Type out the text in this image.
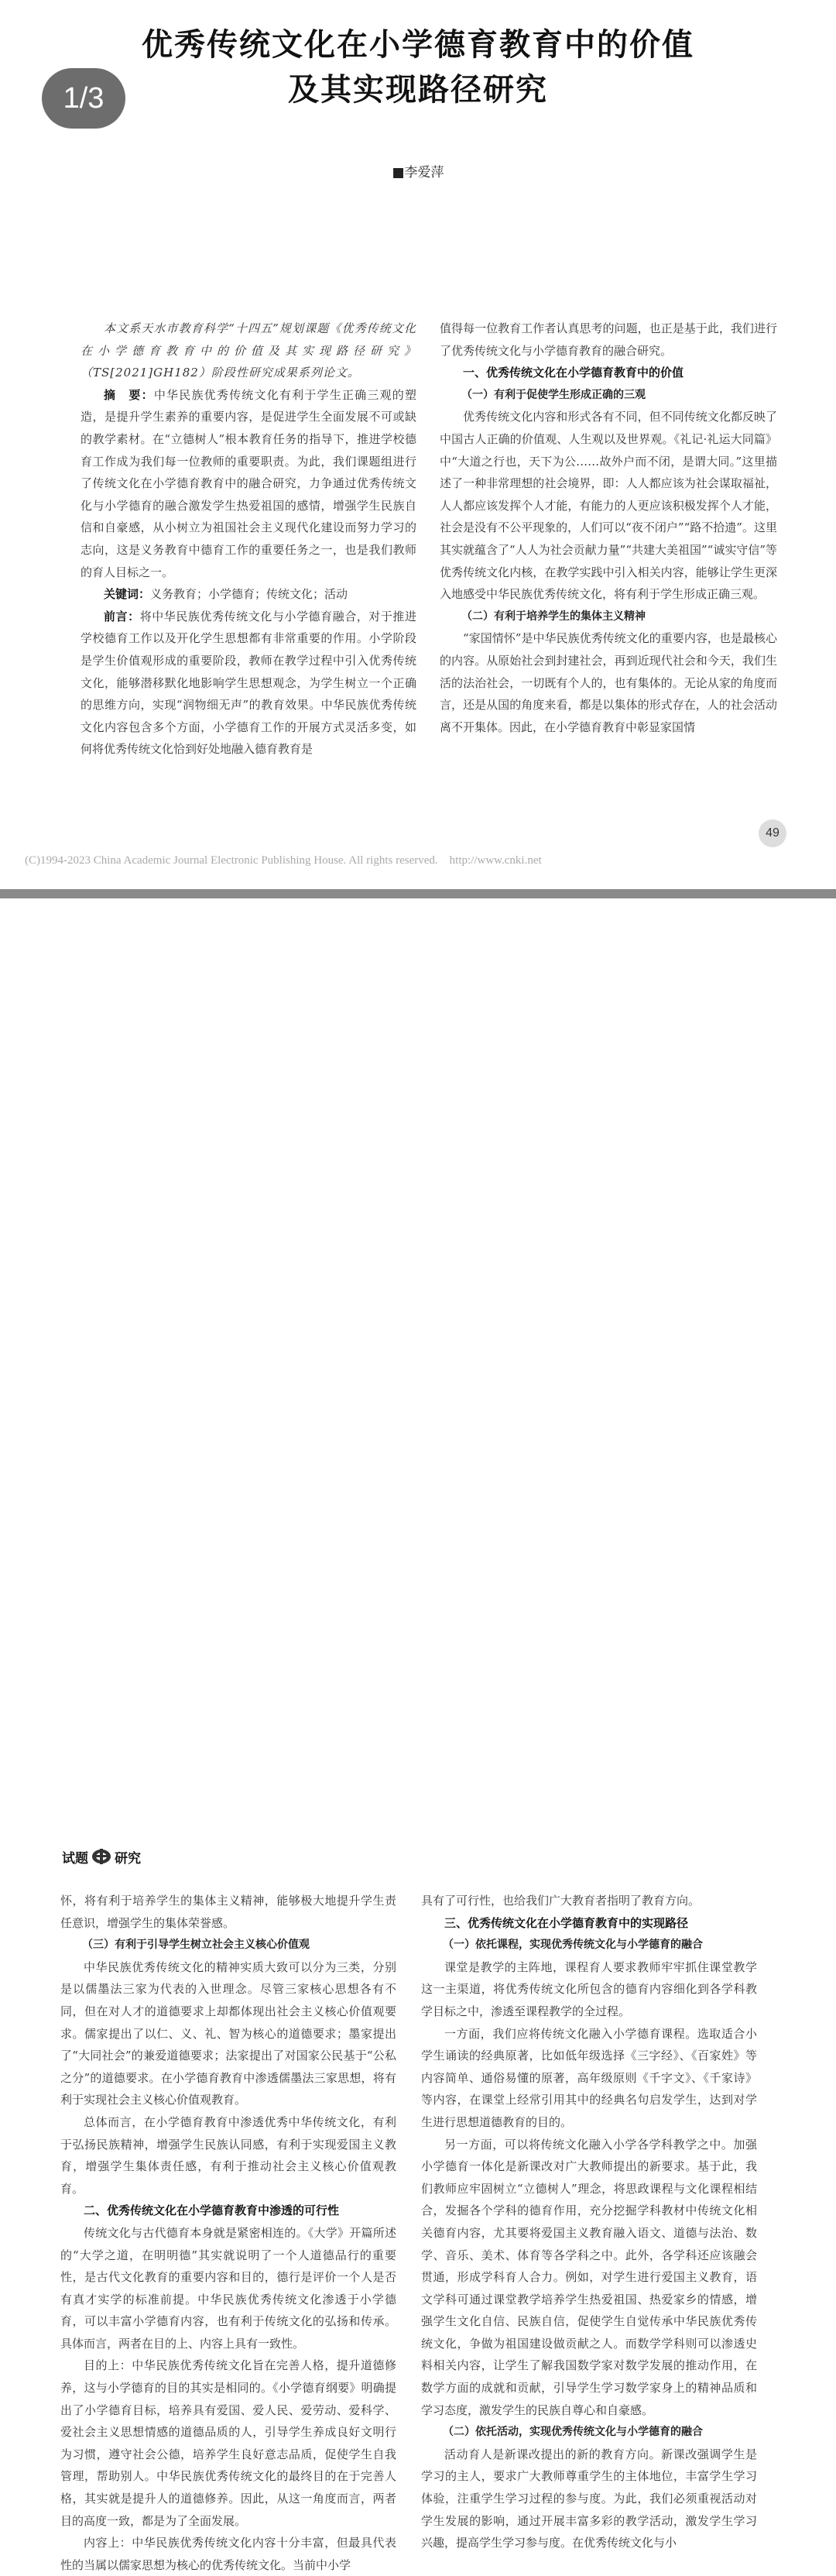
优秀传统文化在小学德育教育中的价值
及其实现路径研究
■李爱萍

本文系天水市教育科学“十四五”规划课题《优秀传统文化在小学德育教育中的价值及其实现路径研究》（TS[2021]GH182）阶段性研究成果系列论文。

摘　要：中华民族优秀传统文化有利于学生正确三观的塑造，是提升学生素养的重要内容，是促进学生全面发展不可或缺的教学素材。在“立德树人”根本教育任务的指导下，推进学校德育工作成为我们每一位教师的重要职责。为此，我们课题组进行了传统文化在小学德育教育中的融合研究，力争通过优秀传统文化与小学德育的融合激发学生热爱祖国的感情，增强学生民族自信和自豪感，从小树立为祖国社会主义现代化建设而努力学习的志向，这是义务教育中德育工作的重要任务之一，也是我们教师的育人目标之一。

关键词：义务教育；小学德育；传统文化；活动

前言：将中华民族优秀传统文化与小学德育融合，对于推进学校德育工作以及开化学生思想都有非常重要的作用。小学阶段是学生价值观形成的重要阶段，教师在教学过程中引入优秀传统文化，能够潜移默化地影响学生思想观念，为学生树立一个正确的思维方向，实现“润物细无声”的教育效果。中华民族优秀传统文化内容包含多个方面，小学德育工作的开展方式灵活多变，如何将优秀传统文化恰到好处地融入德育教育是

值得每一位教育工作者认真思考的问题，也正是基于此，我们进行了优秀传统文化与小学德育教育的融合研究。

一、优秀传统文化在小学德育教育中的价值
（一）有利于促使学生形成正确的三观

优秀传统文化内容和形式各有不同，但不同传统文化都反映了中国古人正确的价值观、人生观以及世界观。《礼记·礼运大同篇》中“大道之行也，天下为公……故外户而不闭，是谓大同。”这里描述了一种非常理想的社会境界，即：人人都应该为社会谋取福祉，人人都应该发挥个人才能，有能力的人更应该积极发挥个人才能，社会是没有不公平现象的，人们可以“夜不闭户”“路不拾遗”。这里其实就蕴含了“人人为社会贡献力量”“共建大美祖国”“诚实守信”等优秀传统文化内核，在教学实践中引入相关内容，能够让学生更深入地感受中华民族优秀传统文化，将有利于学生形成正确三观。

（二）有利于培养学生的集体主义精神

“家国情怀”是中华民族优秀传统文化的重要内容，也是最核心的内容。从原始社会到封建社会，再到近现代社会和今天，我们生活的法治社会，一切既有个人的，也有集体的。无论从家的角度而言，还是从国的角度来看，都是以集体的形式存在，人的社会活动离不开集体。因此，在小学德育教育中彰显家国情

49
(C)1994-2023 China Academic Journal Electronic Publishing House. All rights reserved.　http://www.cnki.net
试题 研究

怀，将有利于培养学生的集体主义精神，能够极大地提升学生责任意识，增强学生的集体荣誉感。

（三）有利于引导学生树立社会主义核心价值观

中华民族优秀传统文化的精神实质大致可以分为三类，分别是以儒墨法三家为代表的入世理念。尽管三家核心思想各有不同，但在对人才的道德要求上却都体现出社会主义核心价值观要求。儒家提出了以仁、义、礼、智为核心的道德要求；墨家提出了“大同社会”的兼爱道德要求；法家提出了对国家公民基于“公私之分”的道德要求。在小学德育教育中渗透儒墨法三家思想，将有利于实现社会主义核心价值观教育。

总体而言，在小学德育教育中渗透优秀中华传统文化，有利于弘扬民族精神，增强学生民族认同感，有利于实现爱国主义教育，增强学生集体责任感，有利于推动社会主义核心价值观教育。

二、优秀传统文化在小学德育教育中渗透的可行性

传统文化与古代德育本身就是紧密相连的。《大学》开篇所述的“大学之道，在明明德”其实就说明了一个人道德品行的重要性，是古代文化教育的重要内容和目的，德行是评价一个人是否有真才实学的标准前提。中华民族优秀传统文化渗透于小学德育，可以丰富小学德育内容，也有利于传统文化的弘扬和传承。具体而言，两者在目的上、内容上具有一致性。

目的上：中华民族优秀传统文化旨在完善人格，提升道德修养，这与小学德育的目的其实是相同的。《小学德育纲要》明确提出了小学德育目标，培养具有爱国、爱人民、爱劳动、爱科学、爱社会主义思想情感的道德品质的人，引导学生养成良好文明行为习惯，遵守社会公德，培养学生良好意志品质，促使学生自我管理，帮助别人。中华民族优秀传统文化的最终目的在于完善人格，其实就是提升人的道德修养。因此，从这一角度而言，两者目的高度一致，都是为了全面发展。

内容上：中华民族优秀传统文化内容十分丰富，但最具代表性的当属以儒家思想为核心的优秀传统文化。当前中小学

具有了可行性，也给我们广大教育者指明了教育方向。

三、优秀传统文化在小学德育教育中的实现路径
（一）依托课程，实现优秀传统文化与小学德育的融合

课堂是教学的主阵地，课程育人要求教师牢牢抓住课堂教学这一主渠道，将优秀传统文化所包含的德育内容细化到各学科教学目标之中，渗透至课程教学的全过程。

一方面，我们应将传统文化融入小学德育课程。选取适合小学生诵读的经典原著，比如低年级选择《三字经》、《百家姓》等内容简单、通俗易懂的原著，高年级原则《千字文》、《千家诗》等内容，在课堂上经常引用其中的经典名句启发学生，达到对学生进行思想道德教育的目的。

另一方面，可以将传统文化融入小学各学科教学之中。加强小学德育一体化是新课改对广大教师提出的新要求。基于此，我们教师应牢固树立“立德树人”理念，将思政课程与文化课程相结合，发掘各个学科的德育作用，充分挖掘学科教材中传统文化相关德育内容，尤其要将爱国主义教育融入语文、道德与法治、数学、音乐、美术、体育等各学科之中。此外，各学科还应该融会贯通，形成学科育人合力。例如，对学生进行爱国主义教育，语文学科可通过课堂教学培养学生热爱祖国、热爱家乡的情感，增强学生文化自信、民族自信，促使学生自觉传承中华民族优秀传统文化，争做为祖国建设做贡献之人。而数学学科则可以渗透史料相关内容，让学生了解我国数学家对数学发展的推动作用，在数学方面的成就和贡献，引导学生学习数学家身上的精神品质和学习态度，激发学生的民族自尊心和自豪感。

（二）依托活动，实现优秀传统文化与小学德育的融合

活动育人是新课改提出的新的教育方向。新课改强调学生是学习的主人，要求广大教师尊重学生的主体地位，丰富学生学习体验，注重学生学习过程的参与度。为此，我们必须重视活动对学生发展的影响，通过开展丰富多彩的教学活动，激发学生学习兴趣，提高学生学习参与度。在优秀传统文化与小

1/3
